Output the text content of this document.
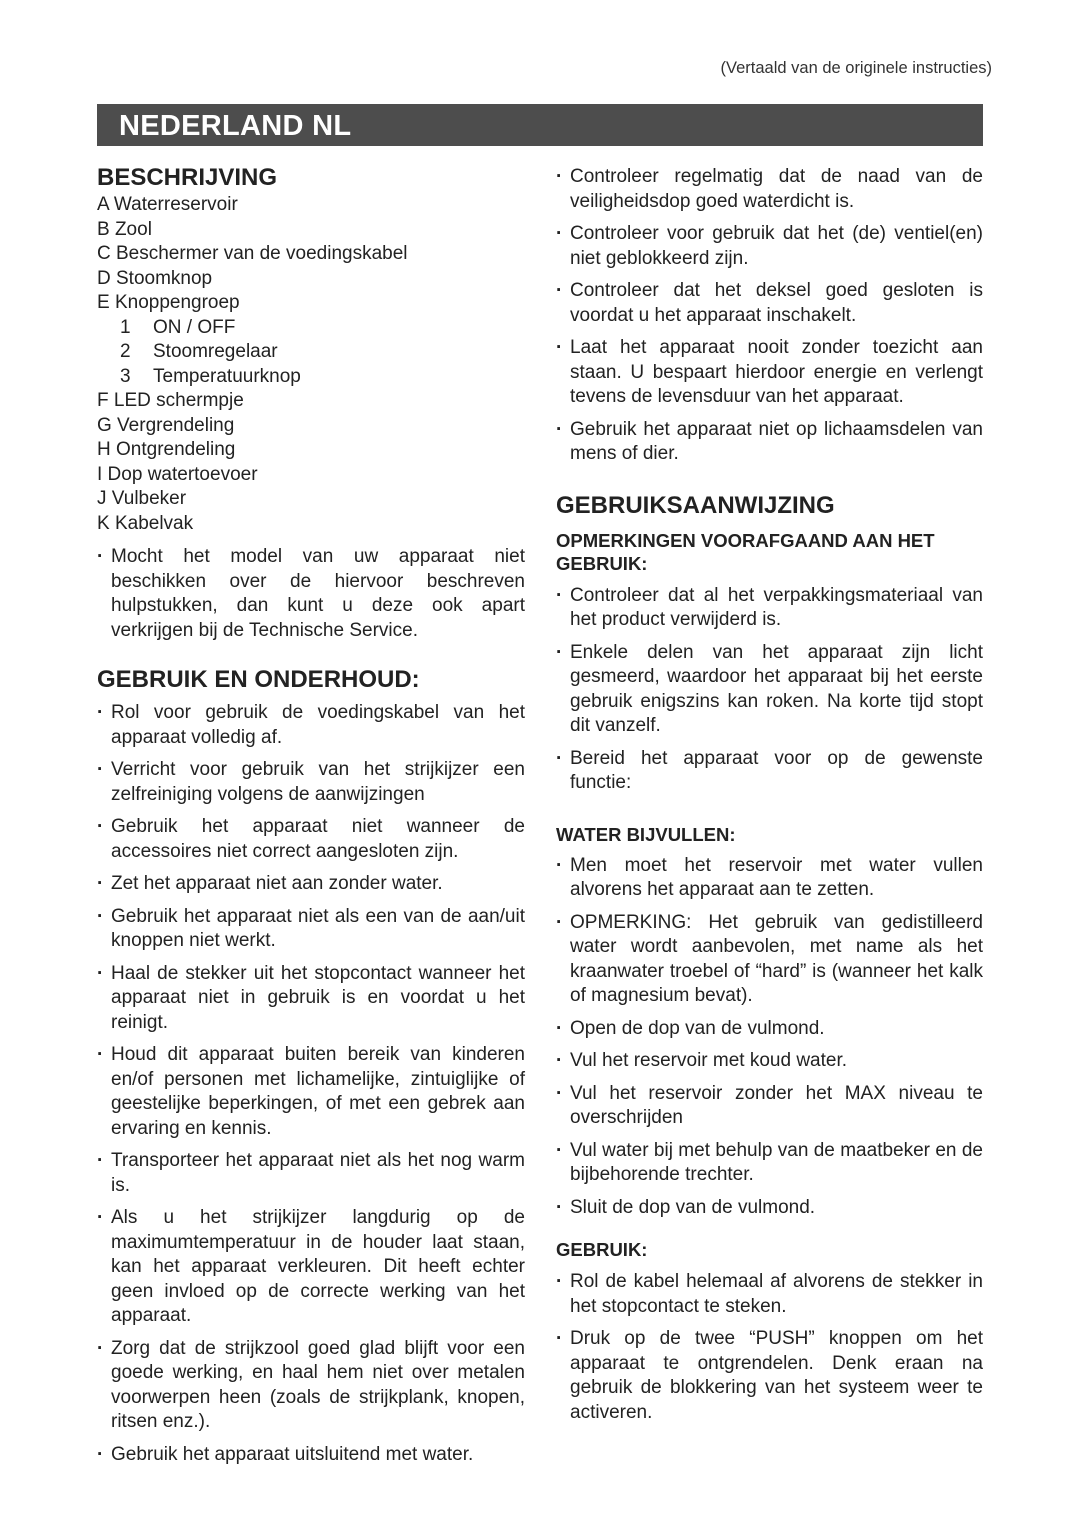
(Vertaald van de originele instructies)
NEDERLAND NL
BESCHRIJVING
A Waterreservoir
B Zool
C Beschermer van de voedingskabel
D Stoomknop
E Knoppengroep
1 ON / OFF
2 Stoomregelaar
3 Temperatuurknop
F LED schermpje
G Vergrendeling
H Ontgrendeling
I Dop watertoevoer
J Vulbeker
K Kabelvak
· Mocht het model van uw apparaat niet beschikken over de hiervoor beschreven hulpstukken, dan kunt u deze ook apart verkrijgen bij de Technische Service.
GEBRUIK EN ONDERHOUD:
· Rol voor gebruik de voedingskabel van het apparaat volledig af.
· Verricht voor gebruik van het strijkijzer een zelfreiniging volgens de aanwijzingen
· Gebruik het apparaat niet wanneer de accessoires niet correct aangesloten zijn.
· Zet het apparaat niet aan zonder water.
· Gebruik het apparaat niet als een van de aan/uit knoppen niet werkt.
· Haal de stekker uit het stopcontact wanneer het apparaat niet in gebruik is en voordat u het reinigt.
· Houd dit apparaat buiten bereik van kinderen en/of personen met lichamelijke, zintuiglijke of geestelijke beperkingen, of met een gebrek aan ervaring en kennis.
· Transporteer het apparaat niet als het nog warm is.
· Als u het strijkijzer langdurig op de maximumtemperatuur in de houder laat staan, kan het apparaat verkleuren. Dit heeft echter geen invloed op de correcte werking van het apparaat.
· Zorg dat de strijkzool goed glad blijft voor een goede werking, en haal hem niet over metalen voorwerpen heen (zoals de strijkplank, knopen, ritsen enz.).
· Gebruik het apparaat uitsluitend met water.
· Controleer regelmatig dat de naad van de veiligheidsdop goed waterdicht is.
· Controleer voor gebruik dat het (de) ventiel(en) niet geblokkeerd zijn.
· Controleer dat het deksel goed gesloten is voordat u het apparaat inschakelt.
· Laat het apparaat nooit zonder toezicht aan staan. U bespaart hierdoor energie en verlengt tevens de levensduur van het apparaat.
· Gebruik het apparaat niet op lichaamsdelen van mens of dier.
GEBRUIKSAANWIJZING
OPMERKINGEN VOORAFGAAND AAN HET GEBRUIK:
· Controleer dat al het verpakkingsmateriaal van het product verwijderd is.
· Enkele delen van het apparaat zijn licht gesmeerd, waardoor het apparaat bij het eerste gebruik enigszins kan roken. Na korte tijd stopt dit vanzelf.
· Bereid het apparaat voor op de gewenste functie:
WATER BIJVULLEN:
· Men moet het reservoir met water vullen alvorens het apparaat aan te zetten.
· OPMERKING: Het gebruik van gedistilleerd water wordt aanbevolen, met name als het kraanwater troebel of “hard” is (wanneer het kalk of magnesium bevat).
· Open de dop van de vulmond.
· Vul het reservoir met koud water.
· Vul het reservoir zonder het MAX niveau te overschrijden
· Vul water bij met behulp van de maatbeker en de bijbehorende trechter.
· Sluit de dop van de vulmond.
GEBRUIK:
· Rol de kabel helemaal af alvorens de stekker in het stopcontact te steken.
· Druk op de twee “PUSH” knoppen om het apparaat te ontgrendelen. Denk eraan na gebruik de blokkering van het systeem weer te activeren.
